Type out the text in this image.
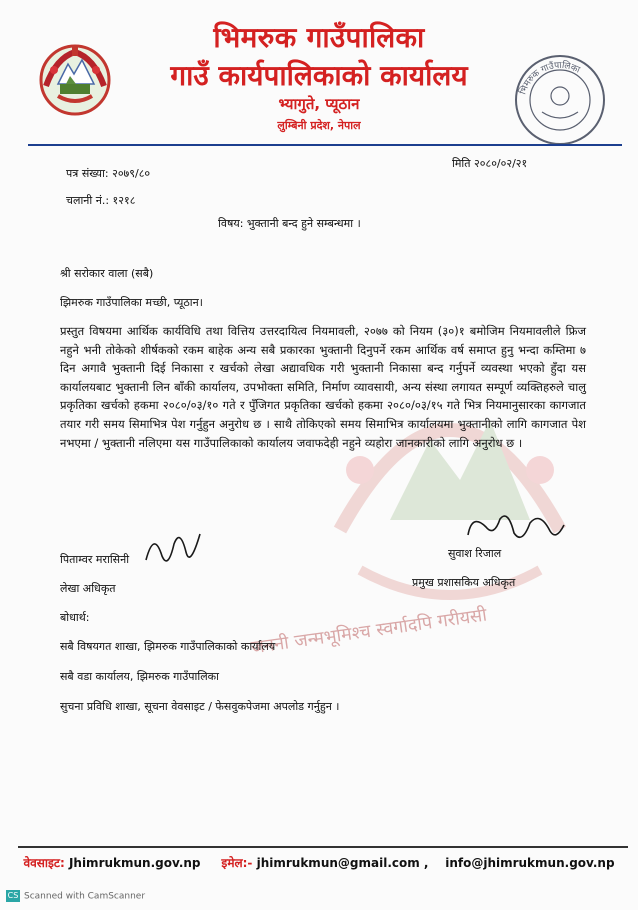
भिमरुक गाउँपालिका
गाउँ कार्यपालिकाको कार्यालय
भ्यागुते, प्यूठान
लुम्बिनी प्रदेश, नेपाल
भिमरुक गाउँपालिका
जननी जन्मभूमिश्च स्वर्गादपि गरीयसी
पत्र संख्या: २०७९/८०
चलानी नं.: १२१८
मिति २०८०/०२/२१
विषय: भुक्तानी बन्द हुने सम्बन्धमा ।
श्री सरोकार वाला (सबै)
झिमरुक गाउँपालिका मच्छी, प्यूठान।
प्रस्तुत विषयमा आर्थिक कार्यविधि तथा वित्तिय उत्तरदायित्व नियमावली, २०७७ को नियम (३०)१ बमोजिम नियमावलीले फ्रिज नहुने भनी तोकेको शीर्षकको रकम बाहेक अन्य सबै प्रकारका भुक्तानी दिनुपर्ने रकम आर्थिक वर्ष समाप्त हुनु भन्दा कम्तिमा ७ दिन अगावै भुक्तानी दिई निकासा र खर्चको लेखा अद्यावधिक गरी भुक्तानी निकासा बन्द गर्नुपर्ने व्यवस्था भएको हुँदा यस कार्यालयबाट भुक्तानी लिन बाँकी कार्यालय, उपभोक्ता समिति, निर्माण व्यावसायी, अन्य संस्था लगायत सम्पूर्ण व्यक्तिहरुले चालु प्रकृतिका खर्चको हकमा २०८०/०३/१० गते र पुँजिगत प्रकृतिका खर्चको हकमा २०८०/०३/१५ गते भित्र नियमानुसारका कागजात तयार गरी समय सिमाभित्र पेश गर्नुहुन अनुरोध छ । साथै तोकिएको समय सिमाभित्र कार्यालयमा भुक्तानीको लागि कागजात पेश नभएमा / भुक्तानी नलिएमा यस गाउँपालिकाको कार्यालय जवाफदेही नहुने व्यहोरा जानकारीको लागि अनुरोध छ ।
पिताम्वर मरासिनी
लेखा अधिकृत
सुवाश रिजाल
प्रमुख प्रशासकिय अधिकृत
बोधार्थ:
सबै विषयगत शाखा, झिमरुक गाउँपालिकाको कार्यालय
सबै वडा कार्यालय, झिमरुक गाउँपालिका
सुचना प्रविधि शाखा, सूचना वेवसाइट / फेसवुकपेजमा अपलोड गर्नुहुन ।
वेवसाइट: Jhimrukmun.gov.np इमेल:- jhimrukmun@gmail.com , info@jhimrukmun.gov.np
CS Scanned with CamScanner
